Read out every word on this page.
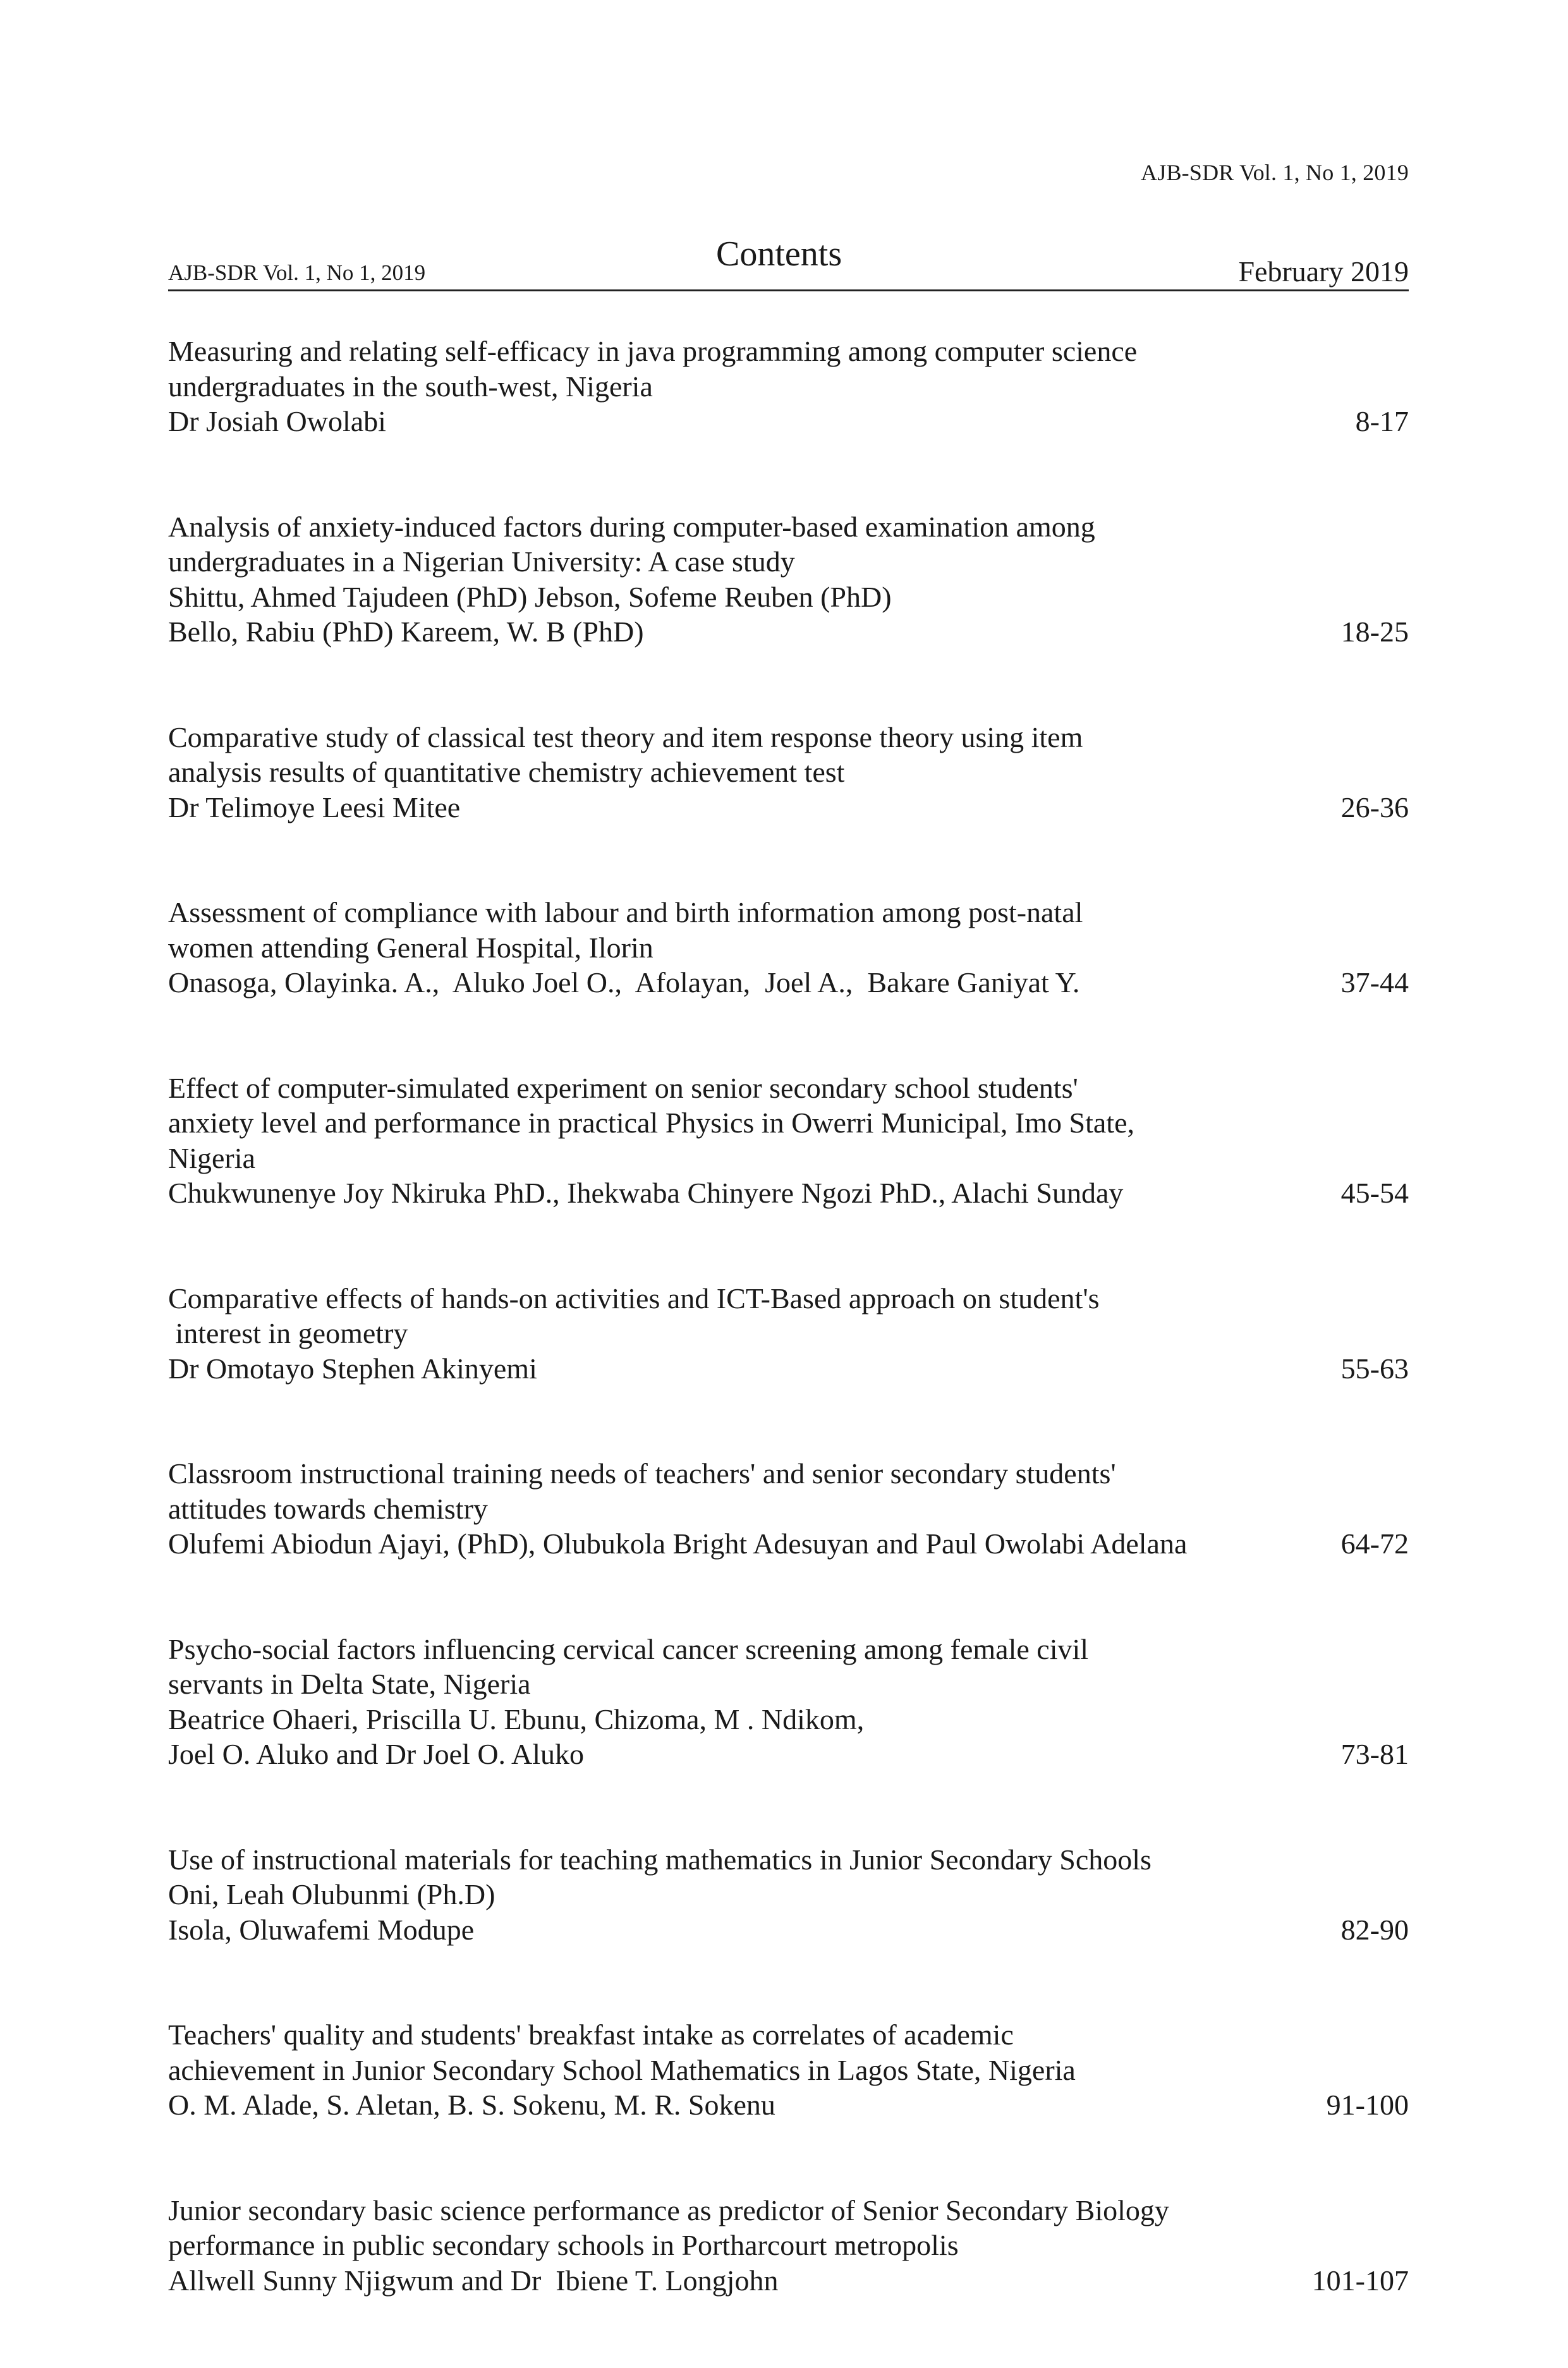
AJB-SDR Vol. 1, No 1, 2019
AJB-SDR Vol. 1, No 1, 2019	Contents	February 2019
Measuring and relating self-efficacy in java programming among computer science
undergraduates in the south-west, Nigeria
Dr Josiah Owolabi	8-17
Analysis of anxiety-induced factors during computer-based examination among
undergraduates in a Nigerian University: A case study
Shittu, Ahmed Tajudeen (PhD) Jebson, Sofeme Reuben (PhD)
Bello, Rabiu (PhD) Kareem, W. B (PhD)	18-25
Comparative study of classical test theory and item response theory using item
analysis results of quantitative chemistry achievement test
Dr Telimoye Leesi Mitee	26-36
Assessment of compliance with labour and birth information among post-natal
women attending General Hospital, Ilorin
Onasoga, Olayinka. A.,  Aluko Joel O.,  Afolayan,  Joel A.,  Bakare Ganiyat Y.	37-44
Effect of computer-simulated experiment on senior secondary school students'
anxiety level and performance in practical Physics in Owerri Municipal, Imo State,
Nigeria
Chukwunenye Joy Nkiruka PhD., Ihekwaba Chinyere Ngozi PhD., Alachi Sunday	45-54
Comparative effects of hands-on activities and ICT-Based approach on student's
interest in geometry
Dr Omotayo Stephen Akinyemi	55-63
Classroom instructional training needs of teachers' and senior secondary students'
attitudes towards chemistry
Olufemi Abiodun Ajayi, (PhD), Olubukola Bright Adesuyan and Paul Owolabi Adelana	64-72
Psycho-social factors influencing cervical cancer screening among female civil
servants in Delta State, Nigeria
Beatrice Ohaeri, Priscilla U. Ebunu, Chizoma, M . Ndikom,
Joel O. Aluko and Dr Joel O. Aluko	73-81
Use of instructional materials for teaching mathematics in Junior Secondary Schools
Oni, Leah Olubunmi (Ph.D)
Isola, Oluwafemi Modupe	82-90
Teachers' quality and students' breakfast intake as correlates of academic
achievement in Junior Secondary School Mathematics in Lagos State, Nigeria
O. M. Alade, S. Aletan, B. S. Sokenu, M. R. Sokenu	91-100
Junior secondary basic science performance as predictor of Senior Secondary Biology
performance in public secondary schools in Portharcourt metropolis
Allwell Sunny Njigwum and Dr  Ibiene T. Longjohn	101-107
